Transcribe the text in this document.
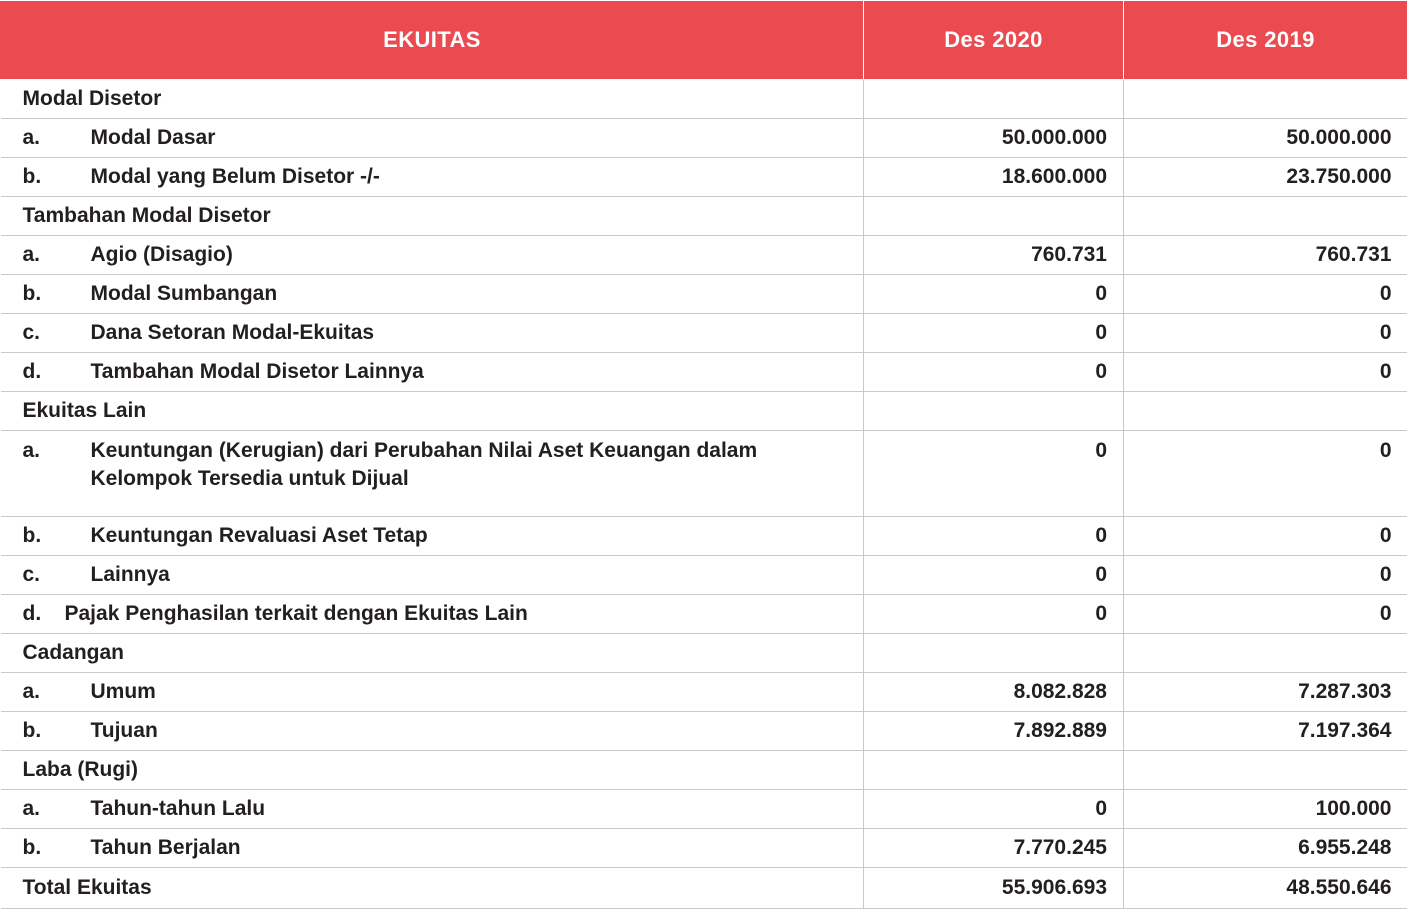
EKUITAS	Des 2020	Des 2019
Modal Disetor		
a. Modal Dasar	50.000.000	50.000.000
b. Modal yang Belum Disetor -/-	18.600.000	23.750.000
Tambahan Modal Disetor		
a. Agio (Disagio)	760.731	760.731
b. Modal Sumbangan	0	0
c. Dana Setoran Modal-Ekuitas	0	0
d. Tambahan Modal Disetor Lainnya	0	0
Ekuitas Lain		
a. Keuntungan (Kerugian) dari Perubahan Nilai Aset Keuangan dalam Kelompok Tersedia untuk Dijual	0	0
b. Keuntungan Revaluasi Aset Tetap	0	0
c. Lainnya	0	0
d. Pajak Penghasilan terkait dengan Ekuitas Lain	0	0
Cadangan		
a. Umum	8.082.828	7.287.303
b. Tujuan	7.892.889	7.197.364
Laba (Rugi)		
a. Tahun-tahun Lalu	0	100.000
b. Tahun Berjalan	7.770.245	6.955.248
Total Ekuitas	55.906.693	48.550.646
